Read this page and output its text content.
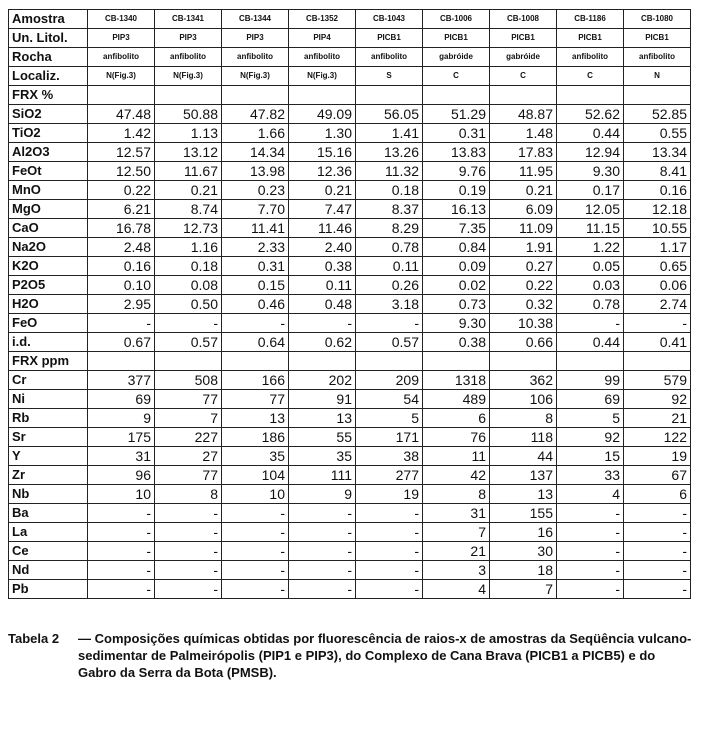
Amostra	CB-1340	CB-1341	CB-1344	CB-1352	CB-1043	CB-1006	CB-1008	CB-1186	CB-1080
Un. Litol.	PIP3	PIP3	PIP3	PIP4	PICB1	PICB1	PICB1	PICB1	PICB1
Rocha	anfibolito	anfibolito	anfibolito	anfibolito	anfibolito	gabróide	gabróide	anfibolito	anfibolito
Localiz.	N(Fig.3)	N(Fig.3)	N(Fig.3)	N(Fig.3)	S	C	C	C	N
FRX %									
SiO2	47.48	50.88	47.82	49.09	56.05	51.29	48.87	52.62	52.85
TiO2	1.42	1.13	1.66	1.30	1.41	0.31	1.48	0.44	0.55
Al2O3	12.57	13.12	14.34	15.16	13.26	13.83	17.83	12.94	13.34
FeOt	12.50	11.67	13.98	12.36	11.32	9.76	11.95	9.30	8.41
MnO	0.22	0.21	0.23	0.21	0.18	0.19	0.21	0.17	0.16
MgO	6.21	8.74	7.70	7.47	8.37	16.13	6.09	12.05	12.18
CaO	16.78	12.73	11.41	11.46	8.29	7.35	11.09	11.15	10.55
Na2O	2.48	1.16	2.33	2.40	0.78	0.84	1.91	1.22	1.17
K2O	0.16	0.18	0.31	0.38	0.11	0.09	0.27	0.05	0.65
P2O5	0.10	0.08	0.15	0.11	0.26	0.02	0.22	0.03	0.06
H2O	2.95	0.50	0.46	0.48	3.18	0.73	0.32	0.78	2.74
FeO	-	-	-	-	-	9.30	10.38	-	-
i.d.	0.67	0.57	0.64	0.62	0.57	0.38	0.66	0.44	0.41
FRX ppm									
Cr	377	508	166	202	209	1318	362	99	579
Ni	69	77	77	91	54	489	106	69	92
Rb	9	7	13	13	5	6	8	5	21
Sr	175	227	186	55	171	76	118	92	122
Y	31	27	35	35	38	11	44	15	19
Zr	96	77	104	111	277	42	137	33	67
Nb	10	8	10	9	19	8	13	4	6
Ba	-	-	-	-	-	31	155	-	-
La	-	-	-	-	-	7	16	-	-
Ce	-	-	-	-	-	21	30	-	-
Nd	-	-	-	-	-	3	18	-	-
Pb	-	-	-	-	-	4	7	-	-
Tabela 2 — Composições químicas obtidas por fluorescência de raios-x de amostras da Seqüência vulcano-sedimentar de Palmeirópolis (PIP1 e PIP3), do Complexo de Cana Brava (PICB1 a PICB5) e do Gabro da Serra da Bota (PMSB).
